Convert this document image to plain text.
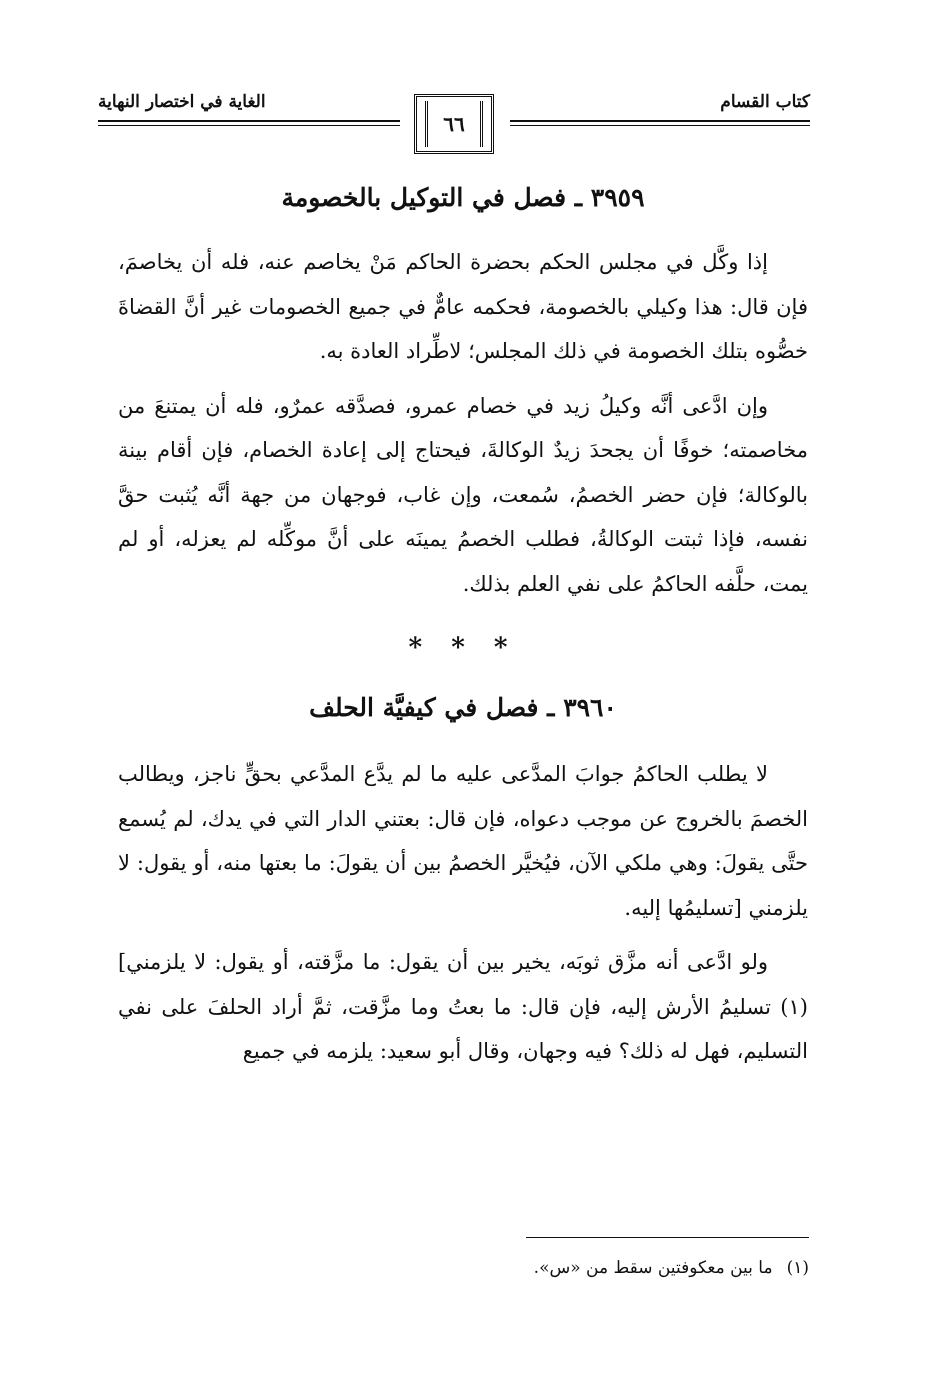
كتاب القسام
٦٦
الغاية في اختصار النهاية
٣٩٥٩ ـ فصل في التوكيل بالخصومة

إذا وكَّل في مجلس الحكم بحضرة الحاكم مَنْ يخاصم عنه، فله أن يخاصمَ، فإن قال: هذا وكيلي بالخصومة، فحكمه عامٌّ في جميع الخصومات غير أنَّ القضاةَ خصُّوه بتلك الخصومة في ذلك المجلس؛ لاطِّراد العادة به.

وإن ادَّعى أنَّه وكيلُ زيد في خصام عمرو، فصدَّقه عمرٌو، فله أن يمتنعَ من مخاصمته؛ خوفًا أن يجحدَ زيدٌ الوكالةَ، فيحتاج إلى إعادة الخصام، فإن أقام بينة بالوكالة؛ فإن حضر الخصمُ، سُمعت، وإن غاب، فوجهان من جهة أنَّه يُثبت حقَّ نفسه، فإذا ثبتت الوكالةُ، فطلب الخصمُ يمينَه على أنَّ موكِّله لم يعزله، أو لم يمت، حلَّفه الحاكمُ على نفي العلم بذلك.

* * *
٣٩٦٠ ـ فصل في كيفيَّة الحلف

لا يطلب الحاكمُ جوابَ المدَّعى عليه ما لم يدَّع المدَّعي بحقٍّ ناجز، ويطالب الخصمَ بالخروج عن موجب دعواه، فإن قال: بعتني الدار التي في يدك، لم يُسمع حتَّى يقولَ: وهي ملكي الآن، فيُخيَّر الخصمُ بين أن يقولَ: ما بعتها منه، أو يقول: لا يلزمني [تسليمُها إليه.

ولو ادَّعى أنه مزَّق ثوبَه، يخير بين أن يقول: ما مزَّقته، أو يقول: لا يلزمني](١) تسليمُ الأرش إليه، فإن قال: ما بعتُ وما مزَّقت، ثمَّ أراد الحلفَ على نفي التسليم، فهل له ذلك؟ فيه وجهان، وقال أبو سعيد: يلزمه في جميع

(١)ما بين معكوفتين سقط من «س».
